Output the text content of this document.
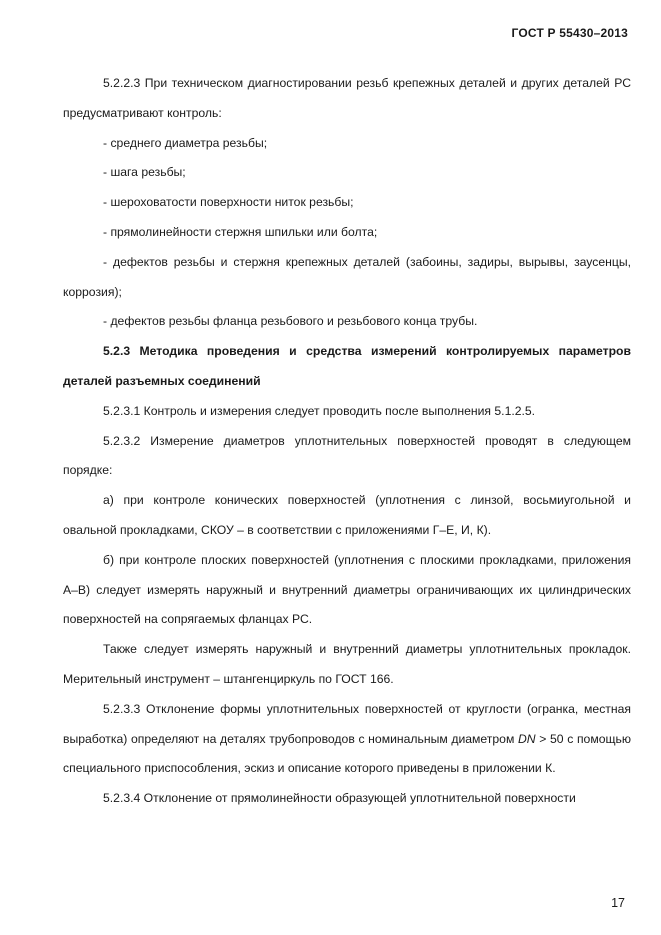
ГОСТ Р 55430–2013

5.2.2.3 При техническом диагностировании резьб крепежных деталей и других деталей РС предусматривают контроль:

- среднего диаметра резьбы;

- шага резьбы;

- шероховатости поверхности ниток резьбы;

- прямолинейности стержня шпильки или болта;

- дефектов резьбы и стержня крепежных деталей (забоины, задиры, вырывы, заусенцы, коррозия);

- дефектов резьбы фланца резьбового и резьбового конца трубы.

5.2.3 Методика проведения и средства измерений контролируемых параметров деталей разъемных соединений

5.2.3.1 Контроль и измерения следует проводить после выполнения 5.1.2.5.

5.2.3.2 Измерение диаметров уплотнительных поверхностей проводят в следующем порядке:

а) при контроле конических поверхностей (уплотнения с линзой, восьмиугольной и овальной прокладками, СКОУ – в соответствии с приложениями Г–Е, И, К).

б) при контроле плоских поверхностей (уплотнения с плоскими прокладками, приложения А–В) следует измерять наружный и внутренний диаметры ограничивающих их цилиндрических поверхностей на сопрягаемых фланцах РС.

Также следует измерять наружный и внутренний диаметры уплотнительных прокладок. Мерительный инструмент – штангенциркуль по ГОСТ 166.

5.2.3.3 Отклонение формы уплотнительных поверхностей от круглости (огранка, местная выработка) определяют на деталях трубопроводов с номинальным диаметром DN > 50 с помощью специального приспособления, эскиз и описание которого приведены в приложении К.

5.2.3.4 Отклонение от прямолинейности образующей уплотнительной поверхности

17
